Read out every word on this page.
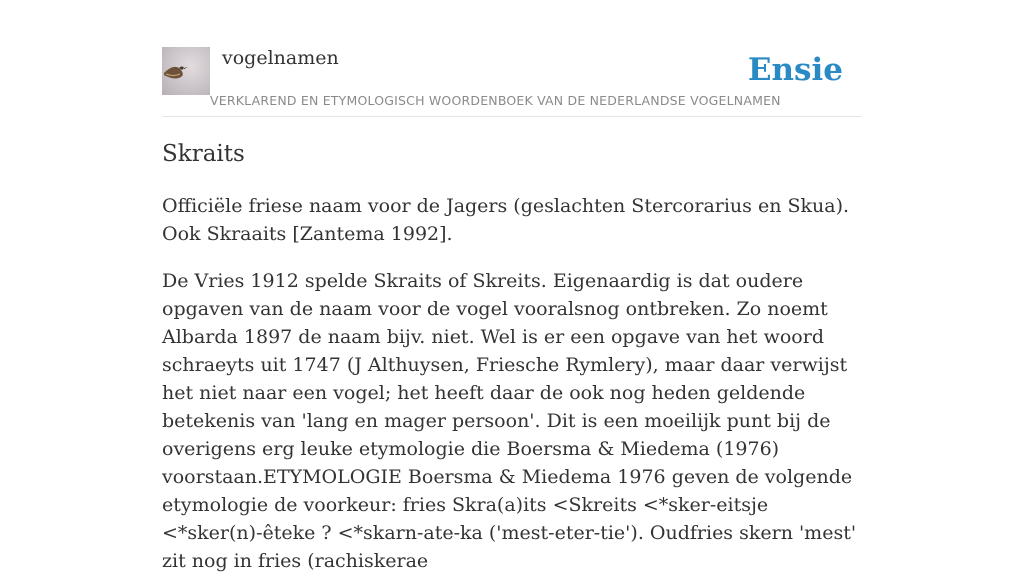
vogelnamen	Ensie
VERKLAREND EN ETYMOLOGISCH WOORDENBOEK VAN DE NEDERLANDSE VOGELNAMEN
Skraits

Officiële friese naam voor de Jagers (geslachten Stercorarius en Skua). Ook Skraaits [Zantema 1992].

De Vries 1912 spelde Skraits of Skreits. Eigenaardig is dat oudere opgaven van de naam voor de vogel vooralsnog ontbreken. Zo noemt Albarda 1897 de naam bijv. niet. Wel is er een opgave van het woord schraeyts uit 1747 (J Althuysen, Friesche Rymlery), maar daar verwijst het niet naar een vogel; het heeft daar de ook nog heden geldende betekenis van 'lang en mager persoon'. Dit is een moeilijk punt bij de overigens erg leuke etymologie die Boersma & Miedema (1976) voorstaan.ETYMOLOGIE Boersma & Miedema 1976 geven de volgende etymologie de voorkeur: fries Skra(a)its <Skreits <*sker-eitsje <*sker(n)-êteke ? <*skarn-ate-ka ('mest-eter-tie'). Oudfries skern 'mest' zit nog in fries (rachiskerae
